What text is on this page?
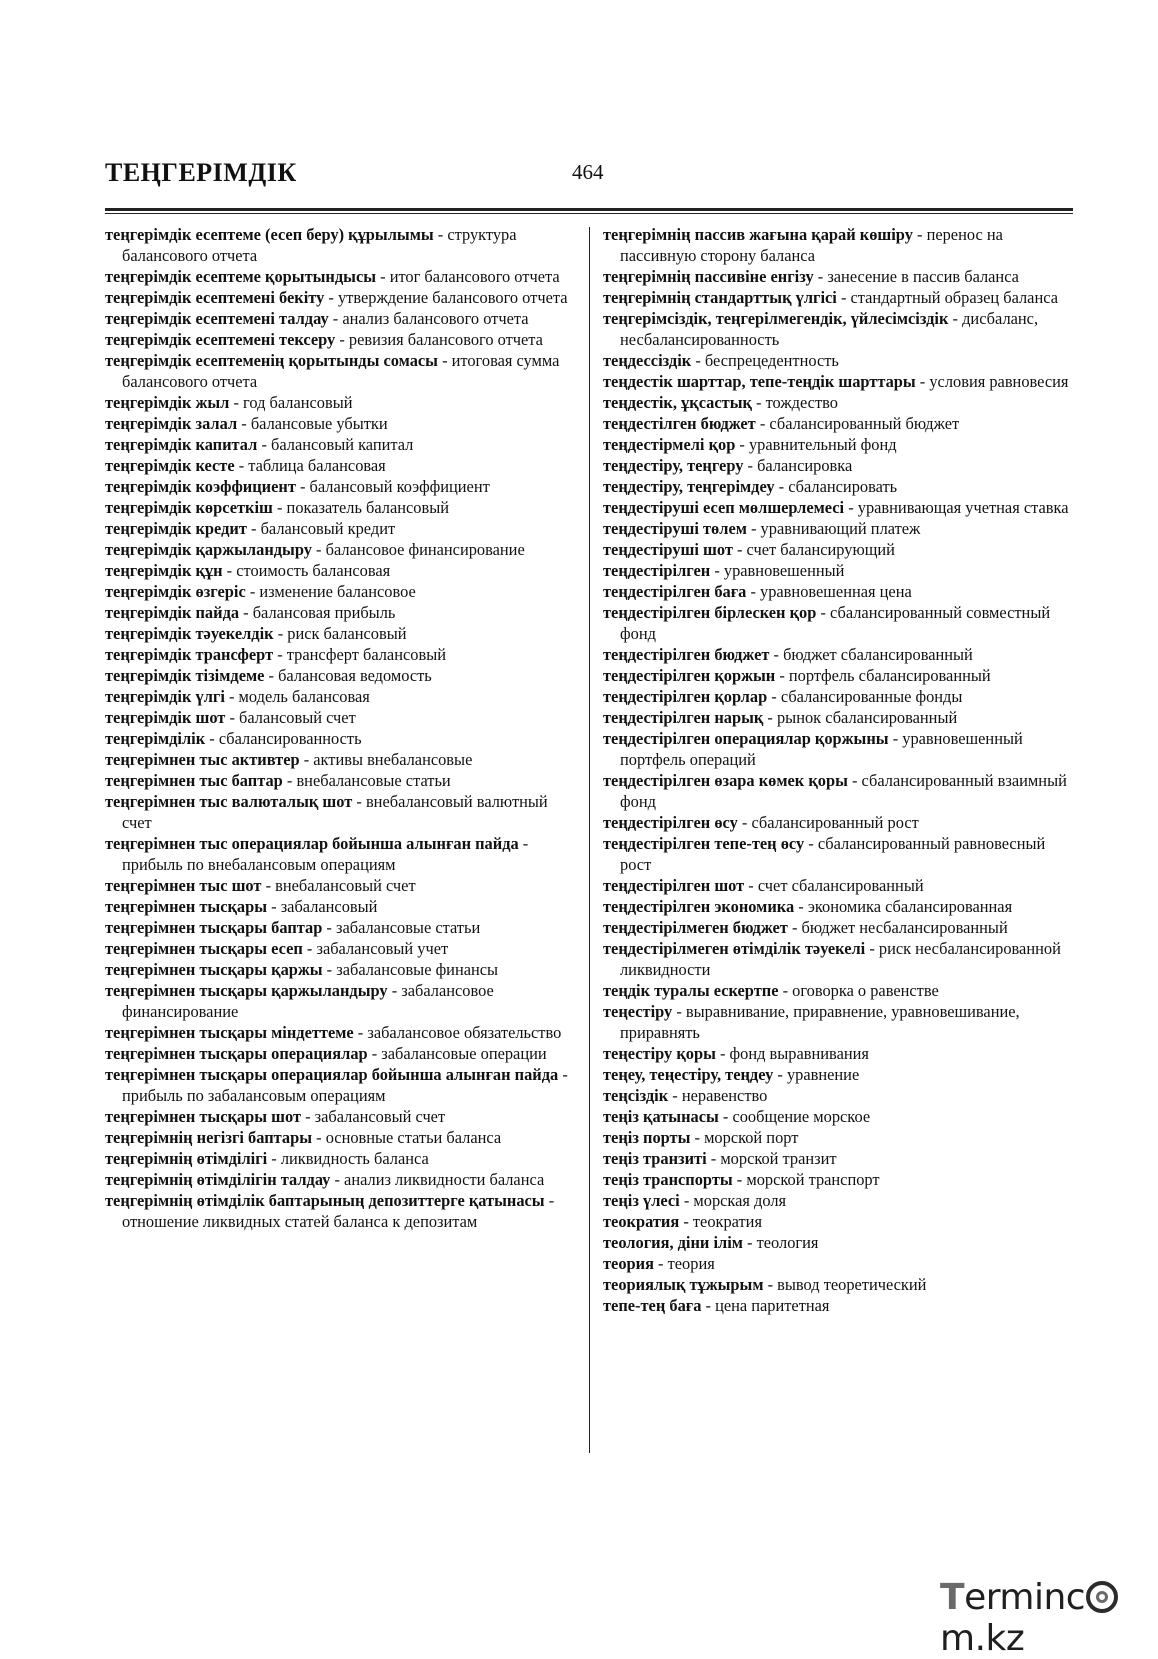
ТЕҢГЕРІМДІК	464

теңгерімдік есептеме (есеп беру) құрылымы - структура балансового отчета

теңгерімдік есептеме қорытындысы - итог балансового отчета

теңгерімдік есептемені бекіту - утверждение балансового отчета

теңгерімдік есептемені талдау - анализ балансового отчета

теңгерімдік есептемені тексеру - ревизия балансового отчета

теңгерімдік есептеменің қорытынды сомасы - итоговая сумма балансового отчета

теңгерімдік жыл - год балансовый

теңгерімдік залал - балансовые убытки

теңгерімдік капитал - балансовый капитал

теңгерімдік кесте - таблица балансовая

теңгерімдік коэффициент - балансовый коэффициент

теңгерімдік көрсеткіш - показатель балансовый

теңгерімдік кредит - балансовый кредит

теңгерімдік қаржыландыру - балансовое финансирование

теңгерімдік құн - стоимость балансовая

теңгерімдік өзгеріс - изменение балансовое

теңгерімдік пайда - балансовая прибыль

теңгерімдік тәуекелдік - риск балансовый

теңгерімдік трансферт - трансферт балансовый

теңгерімдік тізімдеме - балансовая ведомость

теңгерімдік үлгі - модель балансовая

теңгерімдік шот - балансовый счет

теңгерімділік - сбалансированность

теңгерімнен тыс активтер - активы внебалансовые

теңгерімнен тыс баптар - внебалансовые статьи

теңгерімнен тыс валюталық шот - внебалансовый валютный счет

теңгерімнен тыс операциялар бойынша алынған пайда - прибыль по внебалансовым операциям

теңгерімнен тыс шот - внебалансовый счет

теңгерімнен тысқары - забалансовый

теңгерімнен тысқары баптар - забалансовые статьи

теңгерімнен тысқары есеп - забалансовый учет

теңгерімнен тысқары қаржы - забалансовые финансы

теңгерімнен тысқары қаржыландыру - забалансовое финансирование

теңгерімнен тысқары міндеттеме - забалансовое обязательство

теңгерімнен тысқары операциялар - забалансовые операции

теңгерімнен тысқары операциялар бойынша алынған пайда - прибыль по забалансовым операциям

теңгерімнен тысқары шот - забалансовый счет

теңгерімнің негізгі баптары - основные статьи баланса

теңгерімнің өтімділігі - ликвидность баланса

теңгерімнің өтімділігін талдау - анализ ликвидности баланса

теңгерімнің өтімділік баптарының депозиттерге қатынасы - отношение ликвидных статей баланса к депозитам

теңгерімнің пассив жағына қарай көшіру - перенос на пассивную сторону баланса

теңгерімнің пассивіне енгізу - занесение в пассив баланса

теңгерімнің стандарттық үлгісі - стандартный образец баланса

теңгерімсіздік, теңгерілмегендік, үйлесімсіздік - дисбаланс, несбалансированность

теңдессіздік - беспрецедентность

теңдестік шарттар, тепе-теңдік шарттары - условия равновесия

теңдестік, ұқсастық - тождество

теңдестілген бюджет - сбалансированный бюджет

теңдестірмелі қор - уравнительный фонд

теңдестіру, теңгеру - балансировка

теңдестіру, теңгерімдеу - сбалансировать

теңдестіруші есеп мөлшерлемесі - уравнивающая учетная ставка

теңдестіруші төлем - уравнивающий платеж

теңдестіруші шот - счет балансирующий

теңдестірілген - уравновешенный

теңдестірілген баға - уравновешенная цена

теңдестірілген бірлескен қор - сбалансированный совместный фонд

теңдестірілген бюджет - бюджет сбалансированный

теңдестірілген қоржын - портфель сбалансированный

теңдестірілген қорлар - сбалансированные фонды

теңдестірілген нарық - рынок сбалансированный

теңдестірілген операциялар қоржыны - уравновешенный портфель операций

теңдестірілген өзара көмек қоры - сбалансированный взаимный фонд

теңдестірілген өсу - сбалансированный рост

теңдестірілген тепе-тең өсу - сбалансированный равновесный рост

теңдестірілген шот - счет сбалансированный

теңдестірілген экономика - экономика сбалансированная

теңдестірілмеген бюджет - бюджет несбалансированный

теңдестірілмеген өтімділік тәуекелі - риск несбалансированной ликвидности

теңдік туралы ескертпе - оговорка о равенстве

теңестіру - выравнивание, приравнение, уравновешивание, приравнять

теңестіру қоры - фонд выравнивания

теңеу, теңестіру, теңдеу - уравнение

теңсіздік - неравенство

теңіз қатынасы - сообщение морское

теңіз порты - морской порт

теңіз транзиті - морской транзит

теңіз транспорты - морской транспорт

теңіз үлесі - морская доля

теократия - теократия

теология, діни ілім - теология

теория - теория

теориялық тұжырым - вывод теоретический

тепе-тең баға - цена паритетная

Termincm.kz
